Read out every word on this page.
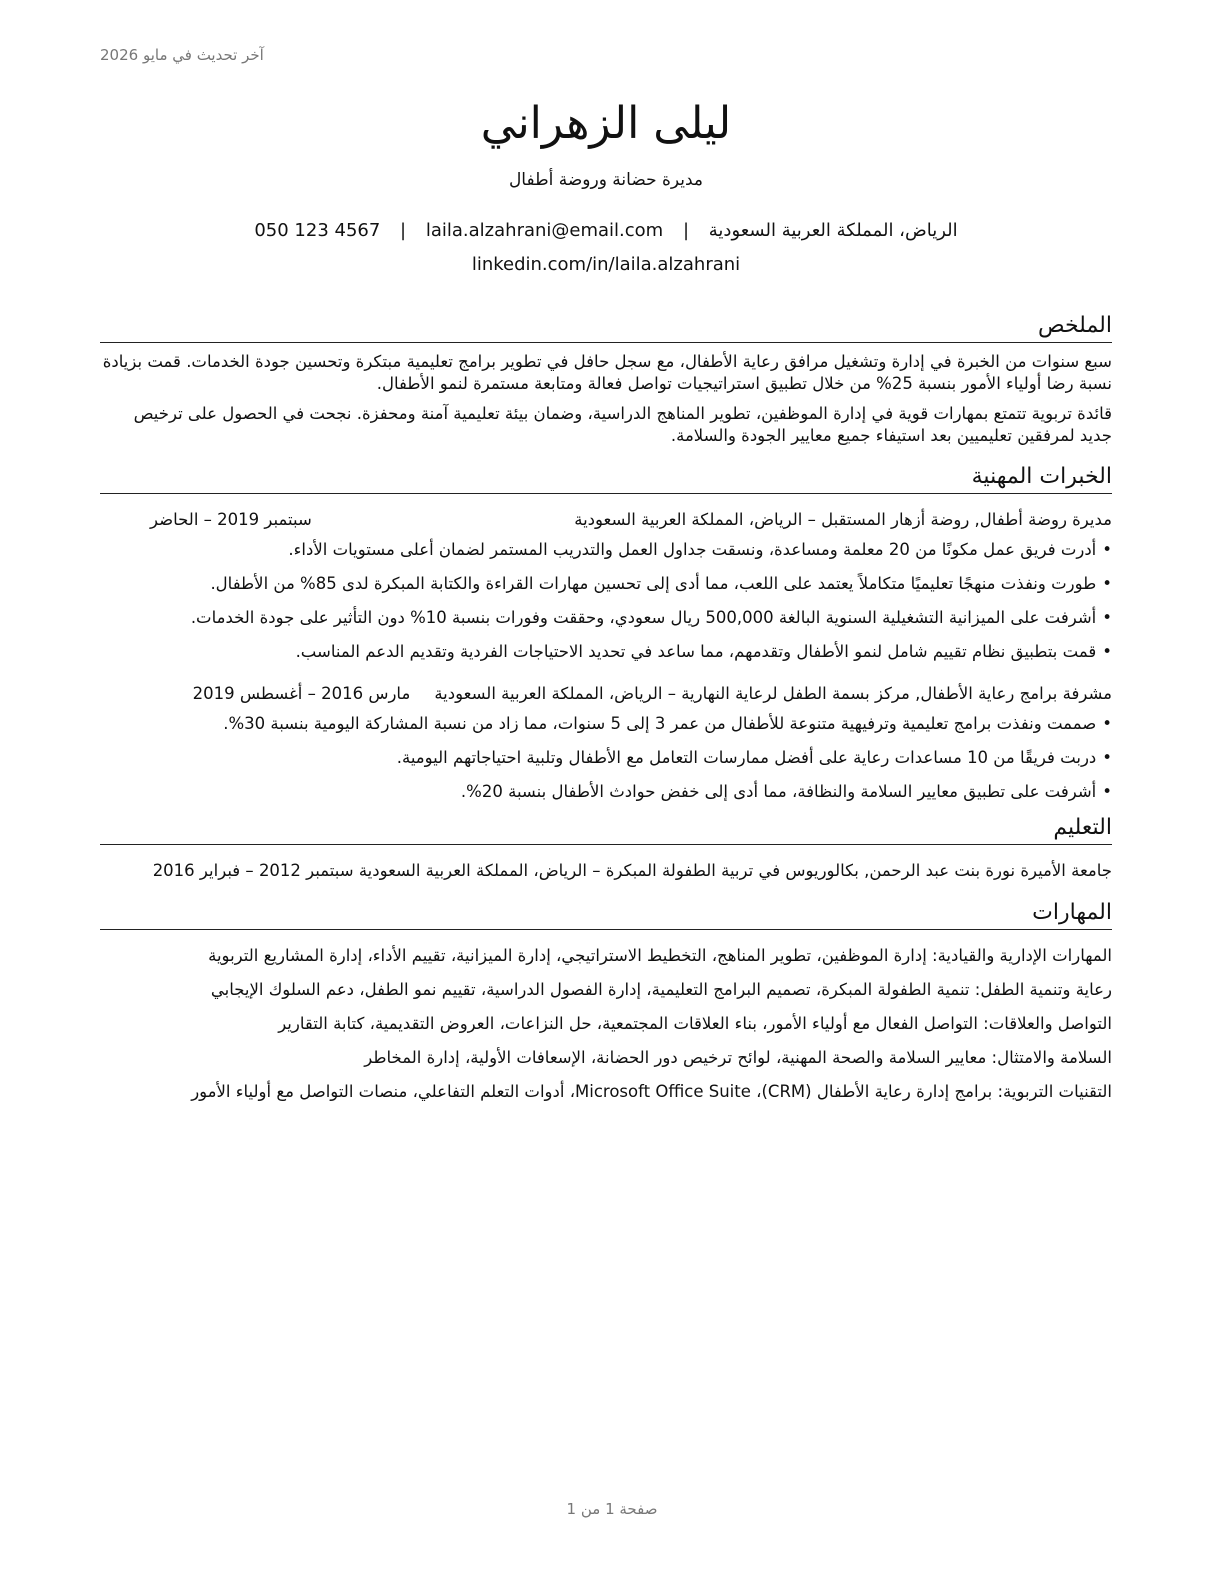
آخر تحديث في مايو 2026
ليلى الزهراني
مديرة حضانة وروضة أطفال
الرياض، المملكة العربية السعودية | laila.alzahrani@email.com | 050 123 4567
linkedin.com/in/laila.alzahrani
الملخص

سبع سنوات من الخبرة في إدارة وتشغيل مرافق رعاية الأطفال، مع سجل حافل في تطوير برامج تعليمية مبتكرة وتحسين جودة الخدمات. قمت بزيادة نسبة رضا أولياء الأمور بنسبة 25% من خلال تطبيق استراتيجيات تواصل فعالة ومتابعة مستمرة لنمو الأطفال.

قائدة تربوية تتمتع بمهارات قوية في إدارة الموظفين، تطوير المناهج الدراسية، وضمان بيئة تعليمية آمنة ومحفزة. نجحت في الحصول على ترخيص جديد لمرفقين تعليميين بعد استيفاء جميع معايير الجودة والسلامة.

الخبرات المهنية
مديرة روضة أطفال, روضة أزهار المستقبل – الرياض، المملكة العربية السعودية
سبتمبر 2019 – الحاضر
•أدرت فريق عمل مكونًا من 20 معلمة ومساعدة، ونسقت جداول العمل والتدريب المستمر لضمان أعلى مستويات الأداء.
•طورت ونفذت منهجًا تعليميًا متكاملاً يعتمد على اللعب، مما أدى إلى تحسين مهارات القراءة والكتابة المبكرة لدى 85% من الأطفال.
•أشرفت على الميزانية التشغيلية السنوية البالغة 500,000 ريال سعودي، وحققت وفورات بنسبة 10% دون التأثير على جودة الخدمات.
•قمت بتطبيق نظام تقييم شامل لنمو الأطفال وتقدمهم، مما ساعد في تحديد الاحتياجات الفردية وتقديم الدعم المناسب.
مشرفة برامج رعاية الأطفال, مركز بسمة الطفل لرعاية النهارية – الرياض، المملكة العربية السعودية
مارس 2016 – أغسطس 2019
•صممت ونفذت برامج تعليمية وترفيهية متنوعة للأطفال من عمر 3 إلى 5 سنوات، مما زاد من نسبة المشاركة اليومية بنسبة 30%.
•دربت فريقًا من 10 مساعدات رعاية على أفضل ممارسات التعامل مع الأطفال وتلبية احتياجاتهم اليومية.
•أشرفت على تطبيق معايير السلامة والنظافة، مما أدى إلى خفض حوادث الأطفال بنسبة 20%.
التعليم
جامعة الأميرة نورة بنت عبد الرحمن, بكالوريوس في تربية الطفولة المبكرة – الرياض، المملكة العربية السعودية سبتمبر 2012 – فبراير 2016
المهارات
المهارات الإدارية والقيادية: إدارة الموظفين، تطوير المناهج، التخطيط الاستراتيجي، إدارة الميزانية، تقييم الأداء، إدارة المشاريع التربوية
رعاية وتنمية الطفل: تنمية الطفولة المبكرة، تصميم البرامج التعليمية، إدارة الفصول الدراسية، تقييم نمو الطفل، دعم السلوك الإيجابي
التواصل والعلاقات: التواصل الفعال مع أولياء الأمور، بناء العلاقات المجتمعية، حل النزاعات، العروض التقديمية، كتابة التقارير
السلامة والامتثال: معايير السلامة والصحة المهنية، لوائح ترخيص دور الحضانة، الإسعافات الأولية، إدارة المخاطر
التقنيات التربوية: برامج إدارة رعاية الأطفال (CRM)، Microsoft Office Suite، أدوات التعلم التفاعلي، منصات التواصل مع أولياء الأمور
صفحة 1 من 1
